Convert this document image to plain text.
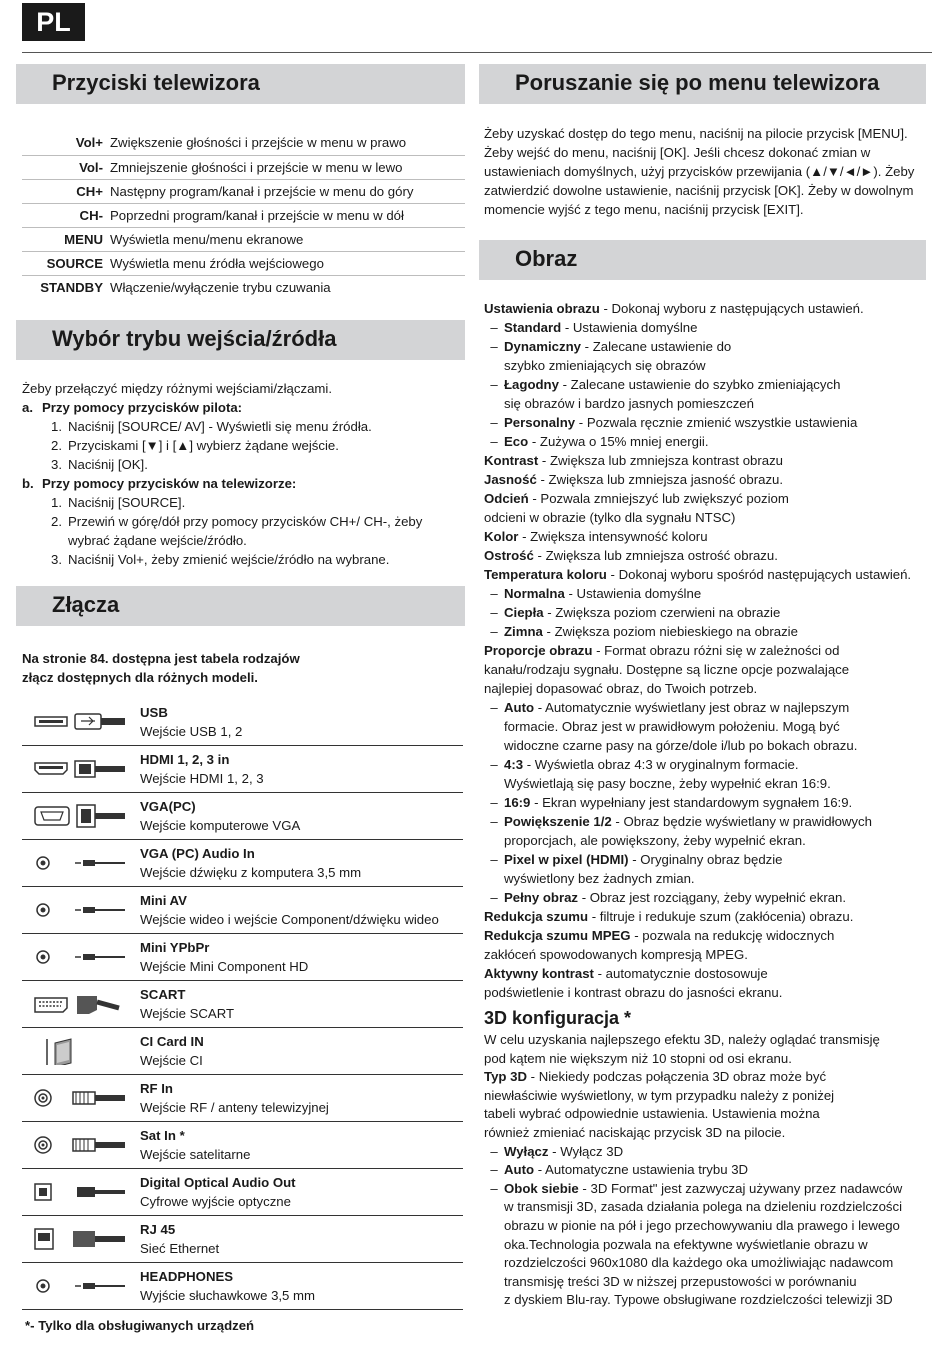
PL
Przyciski telewizora
Vol+	Zwiększenie głośności i przejście w menu w prawo
Vol-	Zmniejszenie głośności i przejście w menu w lewo
CH+	Następny program/kanał i przejście w menu do góry
CH-	Poprzedni program/kanał i przejście w menu w dół
MENU	Wyświetla menu/menu ekranowe
SOURCE	Wyświetla menu źródła wejściowego
STANDBY	Włączenie/wyłączenie trybu czuwania
Wybór trybu wejścia/źródła
Żeby przełączyć między różnymi wejściami/złączami.
a. Przy pomocy przycisków pilota:
1. Naciśnij [SOURCE/ AV] - Wyświetli się menu źródła.
2. Przyciskami [▼] i [▲] wybierz żądane wejście.
3. Naciśnij [OK].
b. Przy pomocy przycisków na telewizorze:
1. Naciśnij [SOURCE].
2. Przewiń w górę/dół przy pomocy przycisków CH+/ CH-, żeby
wybrać żądane wejście/źródło.
3. Naciśnij Vol+, żeby zmienić wejście/źródło na wybrane.
Złącza
Na stronie 84. dostępna jest tabela rodzajów
złącz dostępnych dla różnych modeli.
USB
Wejście USB 1, 2
HDMI 1, 2, 3 in
Wejście HDMI 1, 2, 3
VGA(PC)
Wejście komputerowe VGA
VGA (PC) Audio In
Wejście dźwięku z komputera 3,5 mm
Mini AV
Wejście wideo i wejście Component/dźwięku wideo
Mini YPbPr
Wejście Mini Component HD
SCART
Wejście SCART
CI Card IN
Wejście CI
RF In
Wejście RF / anteny telewizyjnej
Sat In *
Wejście satelitarne
Digital Optical Audio Out
Cyfrowe wyjście optyczne
RJ 45
Sieć Ethernet
HEADPHONES
Wyjście słuchawkowe 3,5 mm
*- Tylko dla obsługiwanych urządzeń
Poruszanie się po menu telewizora
Żeby uzyskać dostęp do tego menu, naciśnij na pilocie przycisk [MENU].
Żeby wejść do menu, naciśnij [OK]. Jeśli chcesz dokonać zmian w
ustawieniach domyślnych, użyj przycisków przewijania (▲/▼/◄/►). Żeby
zatwierdzić dowolne ustawienie, naciśnij przycisk [OK]. Żeby w dowolnym
momencie wyjść z tego menu, naciśnij przycisk [EXIT].
Obraz
Ustawienia obrazu - Dokonaj wyboru z następujących ustawień.
– Standard - Ustawienia domyślne
– Dynamiczny - Zalecane ustawienie do
szybko zmieniających się obrazów
– Łagodny - Zalecane ustawienie do szybko zmieniających
się obrazów i bardzo jasnych pomieszczeń
– Personalny - Pozwala ręcznie zmienić wszystkie ustawienia
– Eco - Zużywa o 15% mniej energii.
Kontrast - Zwiększa lub zmniejsza kontrast obrazu
Jasność - Zwiększa lub zmniejsza jasność obrazu.
Odcień - Pozwala zmniejszyć lub zwiększyć poziom
odcieni w obrazie (tylko dla sygnału NTSC)
Kolor - Zwiększa intensywność koloru
Ostrość - Zwiększa lub zmniejsza ostrość obrazu.
Temperatura koloru - Dokonaj wyboru spośród następujących ustawień.
– Normalna - Ustawienia domyślne
– Ciepła - Zwiększa poziom czerwieni na obrazie
– Zimna - Zwiększa poziom niebieskiego na obrazie
Proporcje obrazu - Format obrazu różni się w zależności od
kanału/rodzaju sygnału. Dostępne są liczne opcje pozwalające
najlepiej dopasować obraz, do Twoich potrzeb.
– Auto - Automatycznie wyświetlany jest obraz w najlepszym
formacie. Obraz jest w prawidłowym położeniu. Mogą być
widoczne czarne pasy na górze/dole i/lub po bokach obrazu.
– 4:3 - Wyświetla obraz 4:3 w oryginalnym formacie.
Wyświetlają się pasy boczne, żeby wypełnić ekran 16:9.
– 16:9 - Ekran wypełniany jest standardowym sygnałem 16:9.
– Powiększenie 1/2 - Obraz będzie wyświetlany w prawidłowych
proporcjach, ale powiększony, żeby wypełnić ekran.
– Pixel w pixel (HDMI) - Oryginalny obraz będzie
wyświetlony bez żadnych zmian.
– Pełny obraz - Obraz jest rozciągany, żeby wypełnić ekran.
Redukcja szumu - filtruje i redukuje szum (zakłócenia) obrazu.
Redukcja szumu MPEG - pozwala na redukcję widocznych
zakłóceń spowodowanych kompresją MPEG.
Aktywny kontrast - automatycznie dostosowuje
podświetlenie i kontrast obrazu do jasności ekranu.
3D konfiguracja *
W celu uzyskania najlepszego efektu 3D, należy oglądać transmisję
pod kątem nie większym niż 10 stopni od osi ekranu.
Typ 3D - Niekiedy podczas połączenia 3D obraz może być
niewłaściwie wyświetlony, w tym przypadku należy z poniżej
tabeli wybrać odpowiednie ustawienia. Ustawienia można
również zmieniać naciskając przycisk 3D na pilocie.
– Wyłącz - Wyłącz 3D
– Auto - Automatyczne ustawienia trybu 3D
– Obok siebie - 3D Format" jest zazwyczaj używany przez nadawców
w transmisji 3D, zasada działania polega na dzieleniu rozdzielczości
obrazu w pionie na pół i jego przechowywaniu dla prawego i lewego
oka.Technologia pozwala na efektywne wyświetlanie obrazu w
rozdzielczości 960x1080 dla każdego oka umożliwiając nadawcom
transmisję treści 3D w niższej przepustowości w porównaniu
z dyskiem Blu-ray. Typowe obsługiwane rozdzielczości telewizji 3D
